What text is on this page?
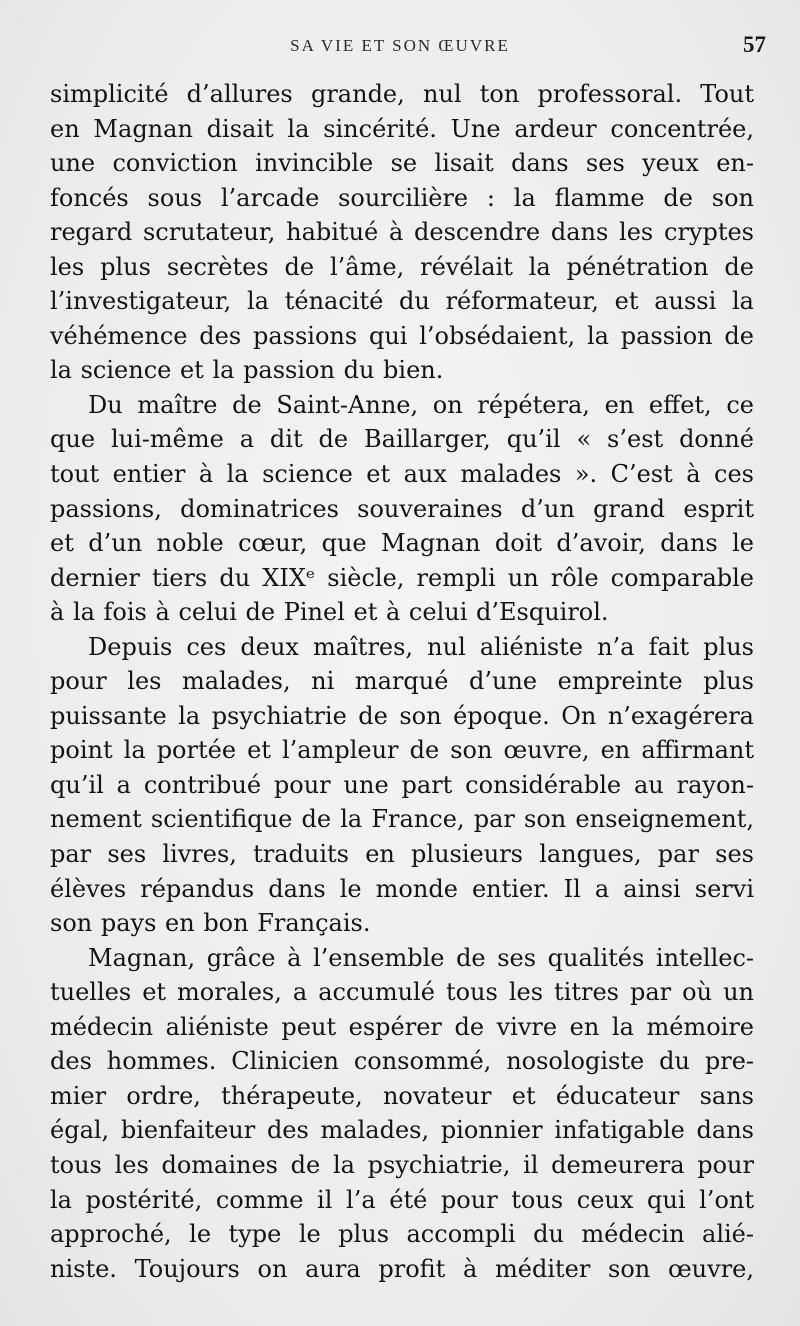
SA VIE ET SON ŒUVRE	57
simplicité d’allures grande, nul ton professoral. Tout
en Magnan disait la sincérité. Une ardeur concentrée,
une conviction invincible se lisait dans ses yeux en-
foncés sous l’arcade sourcilière : la flamme de son
regard scrutateur, habitué à descendre dans les cryptes
les plus secrètes de l’âme, révélait la pénétration de
l’investigateur, la ténacité du réformateur, et aussi la
véhémence des passions qui l’obsédaient, la passion de
la science et la passion du bien.
Du maître de Saint-Anne, on répétera, en effet, ce
que lui-même a dit de Baillarger, qu’il « s’est donné
tout entier à la science et aux malades ». C’est à ces
passions, dominatrices souveraines d’un grand esprit
et d’un noble cœur, que Magnan doit d’avoir, dans le
dernier tiers du XIXᵉ siècle, rempli un rôle comparable
à la fois à celui de Pinel et à celui d’Esquirol.
Depuis ces deux maîtres, nul aliéniste n’a fait plus
pour les malades, ni marqué d’une empreinte plus
puissante la psychiatrie de son époque. On n’exagérera
point la portée et l’ampleur de son œuvre, en affirmant
qu’il a contribué pour une part considérable au rayon-
nement scientifique de la France, par son enseignement,
par ses livres, traduits en plusieurs langues, par ses
élèves répandus dans le monde entier. Il a ainsi servi
son pays en bon Français.
Magnan, grâce à l’ensemble de ses qualités intellec-
tuelles et morales, a accumulé tous les titres par où un
médecin aliéniste peut espérer de vivre en la mémoire
des hommes. Clinicien consommé, nosologiste du pre-
mier ordre, thérapeute, novateur et éducateur sans
égal, bienfaiteur des malades, pionnier infatigable dans
tous les domaines de la psychiatrie, il demeurera pour
la postérité, comme il l’a été pour tous ceux qui l’ont
approché, le type le plus accompli du médecin alié-
niste. Toujours on aura profit à méditer son œuvre,
